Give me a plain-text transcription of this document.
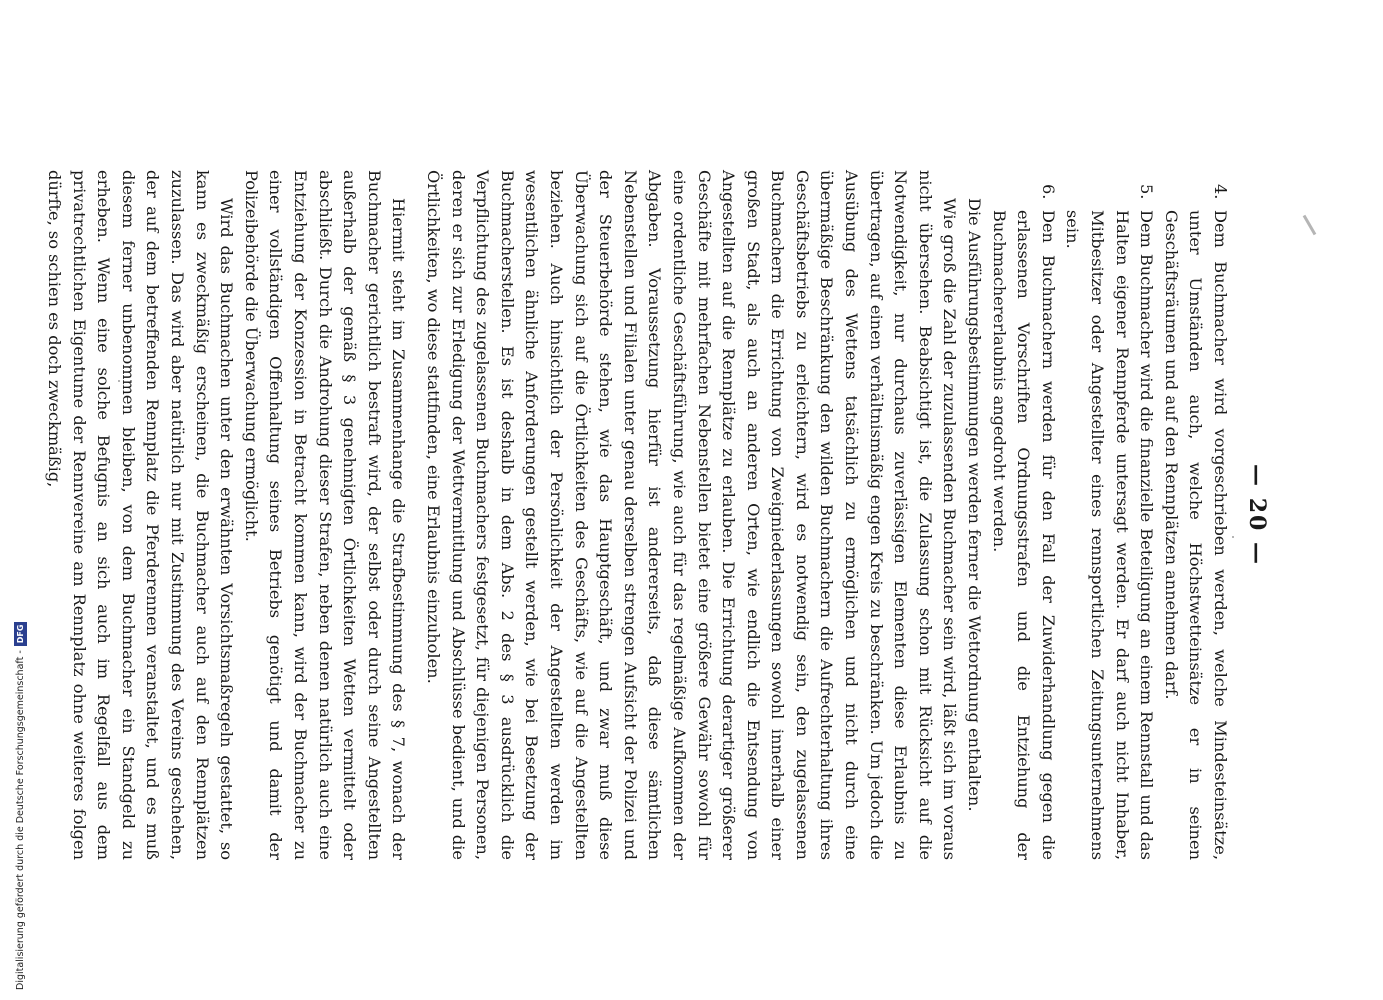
Digitalisierung gefördert durch die Deutsche Forschungsgemeinschaft -DFG
— 20 —

4.
Dem Buchmacher wird vorgeschrieben werden, welche Mindesteinsätze, unter Umständen auch, welche Höchstwetteinsätze er in seinen Geschäftsräumen und auf den Rennplätzen annehmen darf.

5.
Dem Buchmacher wird die finanzielle Beteiligung an einem Rennstall und das Halten eigener Rennpferde untersagt werden. Er darf auch nicht Inhaber, Mitbesitzer oder Angestellter eines rennsportlichen Zeitungsunternehmens sein.

6.
Den Buchmachern werden für den Fall der Zuwiderhandlung gegen die erlassenen Vorschriften Ordnungsstrafen und die Entziehung der Buchmachererlaubnis angedroht werden.

Die Ausführungsbestimmungen werden ferner die Wettordnung enthalten.

Wie groß die Zahl der zuzulassenden Buchmacher sein wird, läßt sich im voraus nicht übersehen. Beabsichtigt ist, die Zulassung schon mit Rücksicht auf die Notwendigkeit, nur durchaus zuverlässigen Elementen diese Erlaubnis zu übertragen, auf einen verhältnismäßig engen Kreis zu beschränken. Um jedoch die Ausübung des Wettens tatsächlich zu ermöglichen und nicht durch eine übermäßige Beschränkung den wilden Buchmachern die Aufrechterhaltung ihres Geschäftsbetriebs zu erleichtern, wird es notwendig sein, den zugelassenen Buchmachern die Errichtung von Zweigniederlassungen sowohl innerhalb einer großen Stadt, als auch an anderen Orten, wie endlich die Entsendung von Angestellten auf die Rennplätze zu erlauben. Die Errichtung derartiger größerer Geschäfte mit mehrfachen Nebenstellen bietet eine größere Gewähr sowohl für eine ordentliche Geschäftsführung, wie auch für das regelmäßige Aufkommen der Abgaben. Voraussetzung hierfür ist andererseits, daß diese sämtlichen Nebenstellen und Filialen unter genau derselben strengen Aufsicht der Polizei und der Steuerbehörde stehen, wie das Hauptgeschäft, und zwar muß diese Überwachung sich auf die Örtlichkeiten des Geschäfts, wie auf die Angestellten beziehen. Auch hinsichtlich der Persönlichkeit der Angestellten werden im wesentlichen ähnliche Anforderungen gestellt werden, wie bei Besetzung der Buchmacherstellen. Es ist deshalb in dem Abs. 2 des § 3 ausdrücklich die Verpflichtung des zugelassenen Buchmachers festgesetzt, für diejenigen Personen, deren er sich zur Erledigung der Wettvermittlung und Abschlüsse bedient, und die Örtlichkeiten, wo diese stattfinden, eine Erlaubnis einzuholen.

Hiermit steht im Zusammenhange die Strafbestimmung des § 7, wonach der Buchmacher gerichtlich bestraft wird, der selbst oder durch seine Angestellten außerhalb der gemäß § 3 genehmigten Örtlichkeiten Wetten vermittelt oder abschließt. Durch die Androhung dieser Strafen, neben denen natürlich auch eine Entziehung der Konzession in Betracht kommen kann, wird der Buchmacher zu einer vollständigen Offenhaltung seines Betriebs genötigt und damit der Polizeibehörde die Überwachung ermöglicht.

Wird das Buchmachen unter den erwähnten Vorsichtsmaßregeln gestattet, so kann es zweckmäßig erscheinen, die Buchmacher auch auf den Rennplätzen zuzulassen. Das wird aber natürlich nur mit Zustimmung des Vereins geschehen, der auf dem betreffenden Rennplatz die Pferderennen veranstaltet, und es muß diesem ferner unbenommen bleiben, von dem Buchmacher ein Standgeld zu erheben. Wenn eine solche Befugnis an sich auch im Regelfall aus dem privatrechtlichen Eigentume der Rennvereine am Rennplatz ohne weiteres folgen dürfte, so schien es doch zweckmäßig,
